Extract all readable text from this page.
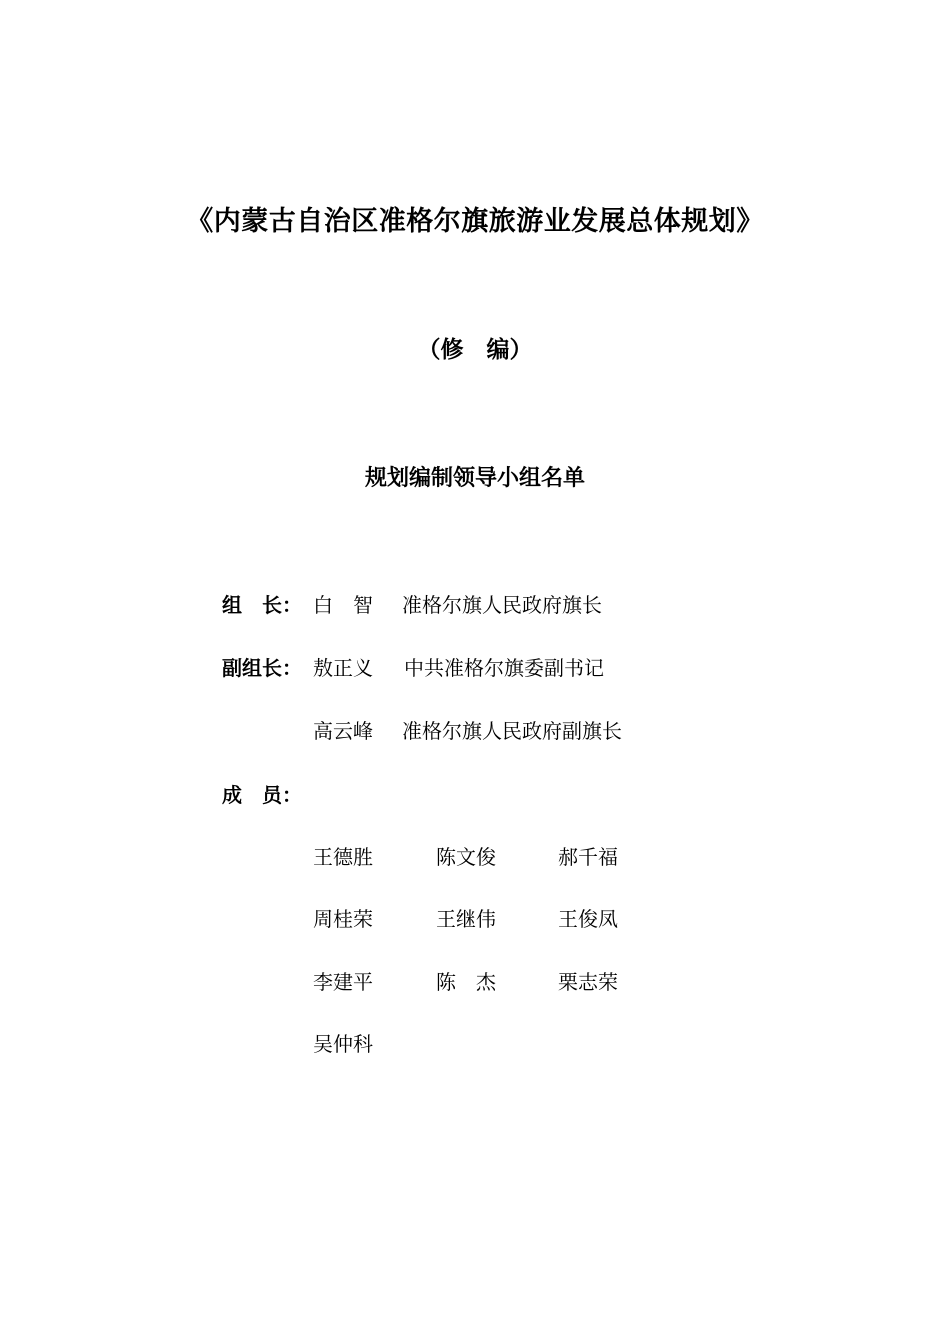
《内蒙古自治区准格尔旗旅游业发展总体规划》
（修　编）
规划编制领导小组名单
组　长： 白　智 准格尔旗人民政府旗长
副组长： 敖正义 中共准格尔旗委副书记
高云峰 准格尔旗人民政府副旗长
成　员：
王德胜	陈文俊	郝千福
周桂荣	王继伟	王俊凤
李建平	陈　杰	栗志荣
吴仲科
